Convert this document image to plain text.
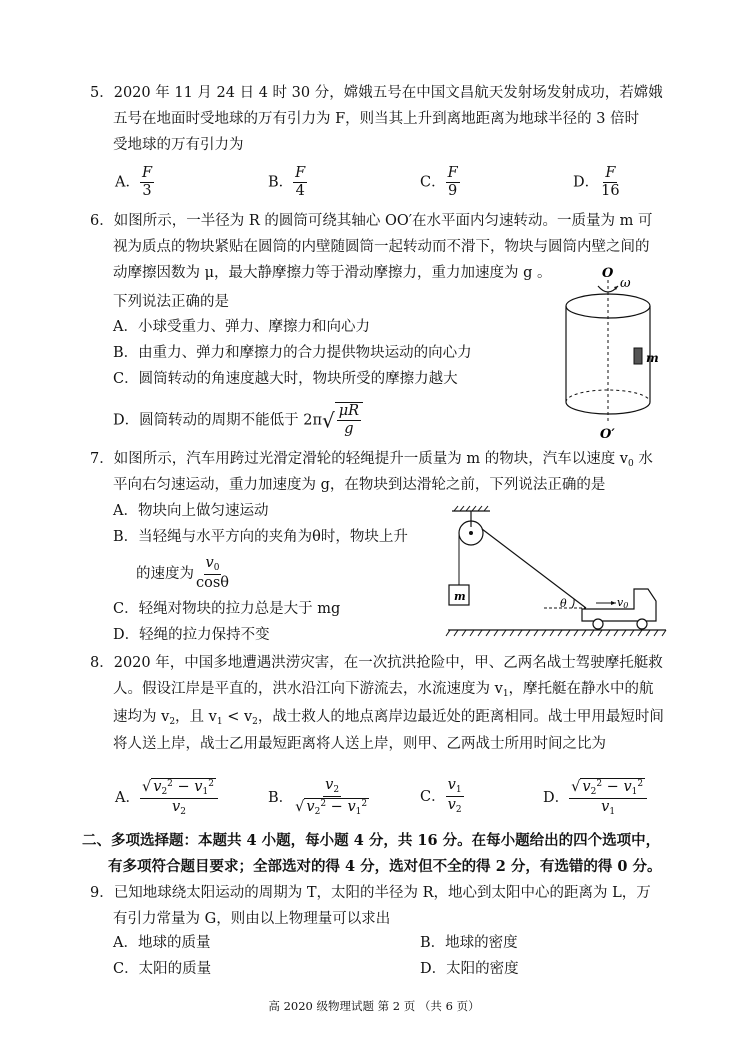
5．2020 年 11 月 24 日 4 时 30 分，嫦娥五号在中国文昌航天发射场发射成功，若嫦娥
五号在地面时受地球的万有引力为 F，则当其上升到离地距离为地球半径的 3 倍时
受地球的万有引力为
A． $\frac{F}{3}$	B． $\frac{F}{4}$	C． $\frac{F}{9}$	D． $\frac{F}{16}$
6．如图所示，一半径为 R 的圆筒可绕其轴心 OO′在水平面内匀速转动。一质量为 m 可
视为质点的物块紧贴在圆筒的内壁随圆筒一起转动而不滑下，物块与圆筒内壁之间的
动摩擦因数为 μ，最大静摩擦力等于滑动摩擦力，重力加速度为 g 。
下列说法正确的是
A．小球受重力、弹力、摩擦力和向心力
B．由重力、弹力和摩擦力的合力提供物块运动的向心力
C．圆筒转动的角速度越大时，物块所受的摩擦力越大
D．圆筒转动的周期不能低于 $2\pi√ \frac{\mu R}{g}$
O
ω
m
O′
7．如图所示，汽车用跨过光滑定滑轮的轻绳提升一质量为 m 的物块，汽车以速度 $v_0$ 水
平向右匀速运动，重力加速度为 g，在物块到达滑轮之前，下列说法正确的是
A．物块向上做匀速运动
B．当轻绳与水平方向的夹角为θ时，物块上升
的速度为 $\frac{v_0}{\cos\theta}$
C．轻绳对物块的拉力总是大于 mg
D．轻绳的拉力保持不变
m
θ	v0
8．2020 年，中国多地遭遇洪涝灾害，在一次抗洪抢险中，甲、乙两名战士驾驶摩托艇救
人。假设江岸是平直的，洪水沿江向下游流去，水流速度为 $v_1$，摩托艇在静水中的航
速均为 $v_2$，且 $v_1 < v_2$，战士救人的地点离岸边最近处的距离相同。战士甲用最短时间
将人送上岸，战士乙用最短距离将人送上岸，则甲、乙两战士所用时间之比为
A． $\frac{√ v_2^2 - v_1^2}{v_2}$	B． $\frac{v_2}{√ v_2^2 - v_1^2}$	C． $\frac{v_1}{v_2}$	D． $\frac{√ v_2^2 - v_1^2}{v_1}$
二、多项选择题：本题共 4 小题，每小题 4 分，共 16 分。在每小题给出的四个选项中，
有多项符合题目要求；全部选对的得 4 分，选对但不全的得 2 分，有选错的得 0 分。
9．已知地球绕太阳运动的周期为 T，太阳的半径为 R，地心到太阳中心的距离为 L，万
有引力常量为 G，则由以上物理量可以求出
A．地球的质量	B．地球的密度
C．太阳的质量	D．太阳的密度
高 2020 级物理试题 第 2 页 （共 6 页）
